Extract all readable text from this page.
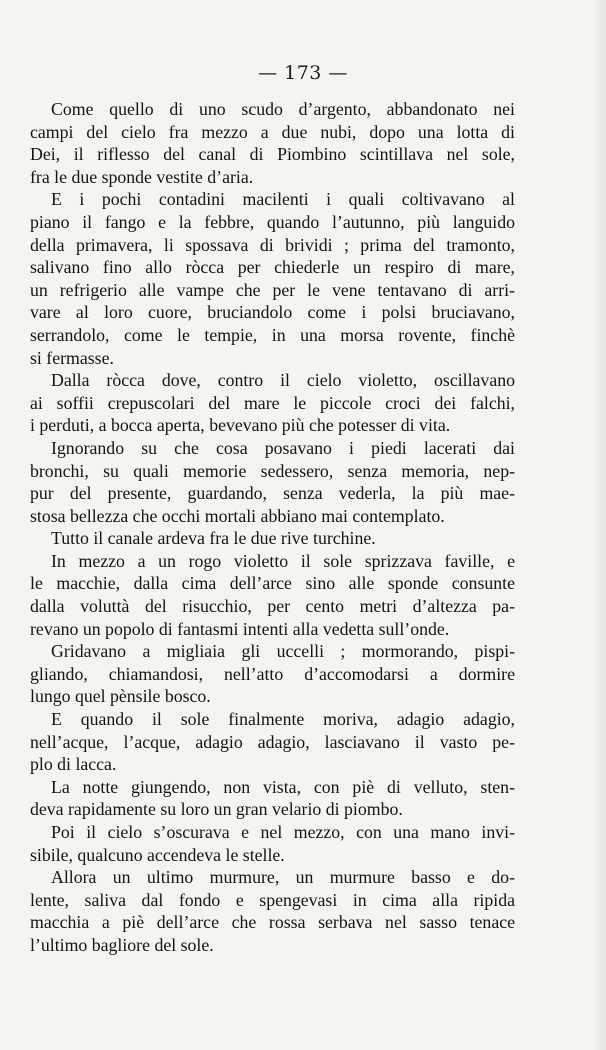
— 173 —

Come quello di uno scudo d’argento, abbandonato nei
campi del cielo fra mezzo a due nubi, dopo una lotta di
Dei, il riflesso del canal di Piombino scintillava nel sole,
fra le due sponde vestite d’aria.

E i pochi contadini macilenti i quali coltivavano al
piano il fango e la febbre, quando l’autunno, più languido
della primavera, li spossava di brividi ; prima del tramonto,
salivano fino allo ròcca per chiederle un respiro di mare,
un refrigerio alle vampe che per le vene tentavano di arri-
vare al loro cuore, bruciandolo come i polsi bruciavano,
serrandolo, come le tempie, in una morsa rovente, finchè
si fermasse.

Dalla ròcca dove, contro il cielo violetto, oscillavano
ai soffii crepuscolari del mare le piccole croci dei falchi,
i perduti, a bocca aperta, bevevano più che potesser di vita.

Ignorando su che cosa posavano i piedi lacerati dai
bronchi, su quali memorie sedessero, senza memoria, nep-
pur del presente, guardando, senza vederla, la più mae-
stosa bellezza che occhi mortali abbiano mai contemplato.

Tutto il canale ardeva fra le due rive turchine.

In mezzo a un rogo violetto il sole sprizzava faville, e
le macchie, dalla cima dell’arce sino alle sponde consunte
dalla voluttà del risucchio, per cento metri d’altezza pa-
revano un popolo di fantasmi intenti alla vedetta sull’onde.

Gridavano a migliaia gli uccelli ; mormorando, pispi-
gliando, chiamandosi, nell’atto d’accomodarsi a dormire
lungo quel pènsile bosco.

E quando il sole finalmente moriva, adagio adagio,
nell’acque, l’acque, adagio adagio, lasciavano il vasto pe-
plo di lacca.

La notte giungendo, non vista, con piè di velluto, sten-
deva rapidamente su loro un gran velario di piombo.

Poi il cielo s’oscurava e nel mezzo, con una mano invi-
sibile, qualcuno accendeva le stelle.

Allora un ultimo murmure, un murmure basso e do-
lente, saliva dal fondo e spengevasi in cima alla ripida
macchia a piè dell’arce che rossa serbava nel sasso tenace
l’ultimo bagliore del sole.
